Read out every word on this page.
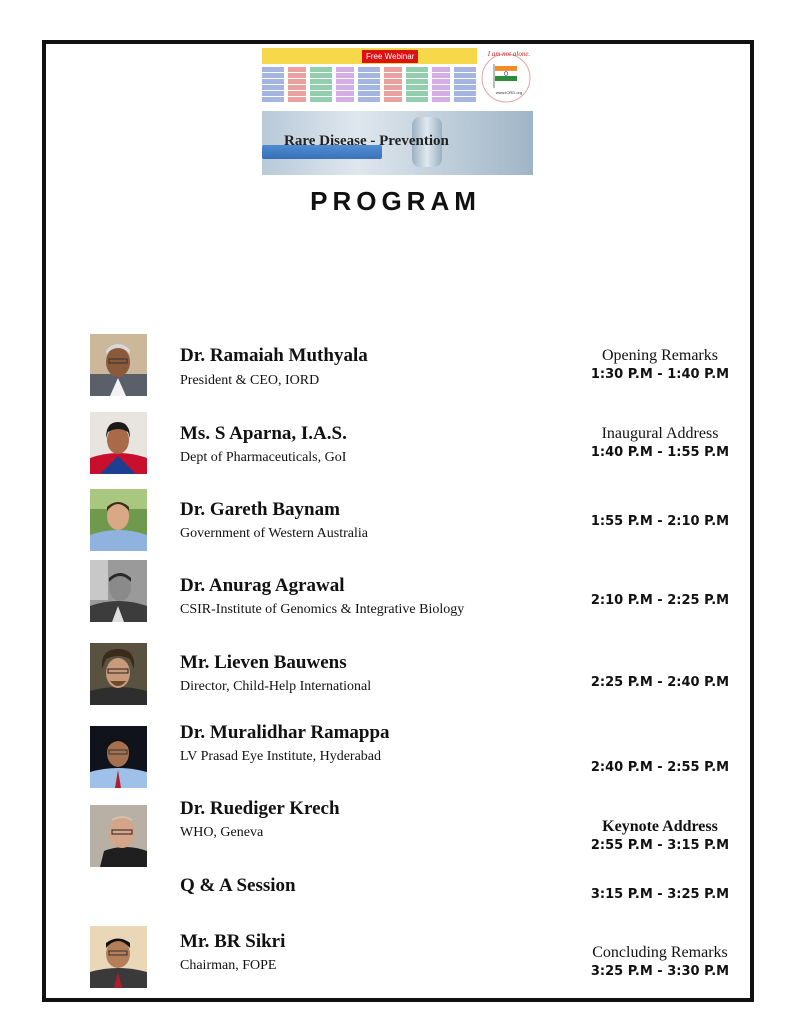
Free Webinar
Rare Disease - Prevention
I am not alone.
www.iORD.org
PROGRAM
Dr. Ramaiah Muthyala
President & CEO, IORD
Opening Remarks
1:30 P.M - 1:40 P.M
Ms. S Aparna, I.A.S.
Dept of Pharmaceuticals, GoI
Inaugural Address
1:40 P.M - 1:55 P.M
Dr. Gareth Baynam
Government of Western Australia
1:55 P.M - 2:10 P.M
Dr. Anurag Agrawal
CSIR-Institute of Genomics & Integrative Biology
2:10 P.M - 2:25 P.M
Mr. Lieven Bauwens
Director, Child-Help International	2:25 P.M - 2:40 P.M
Dr. Muralidhar Ramappa
LV Prasad Eye Institute, Hyderabad
2:40 P.M - 2:55 P.M
Dr. Ruediger Krech
WHO, Geneva	Keynote Address
2:55 P.M - 3:15 P.M
Q & A Session	3:15 P.M - 3:25 P.M
Mr. BR Sikri
Chairman, FOPE
Concluding Remarks
3:25 P.M - 3:30 P.M
